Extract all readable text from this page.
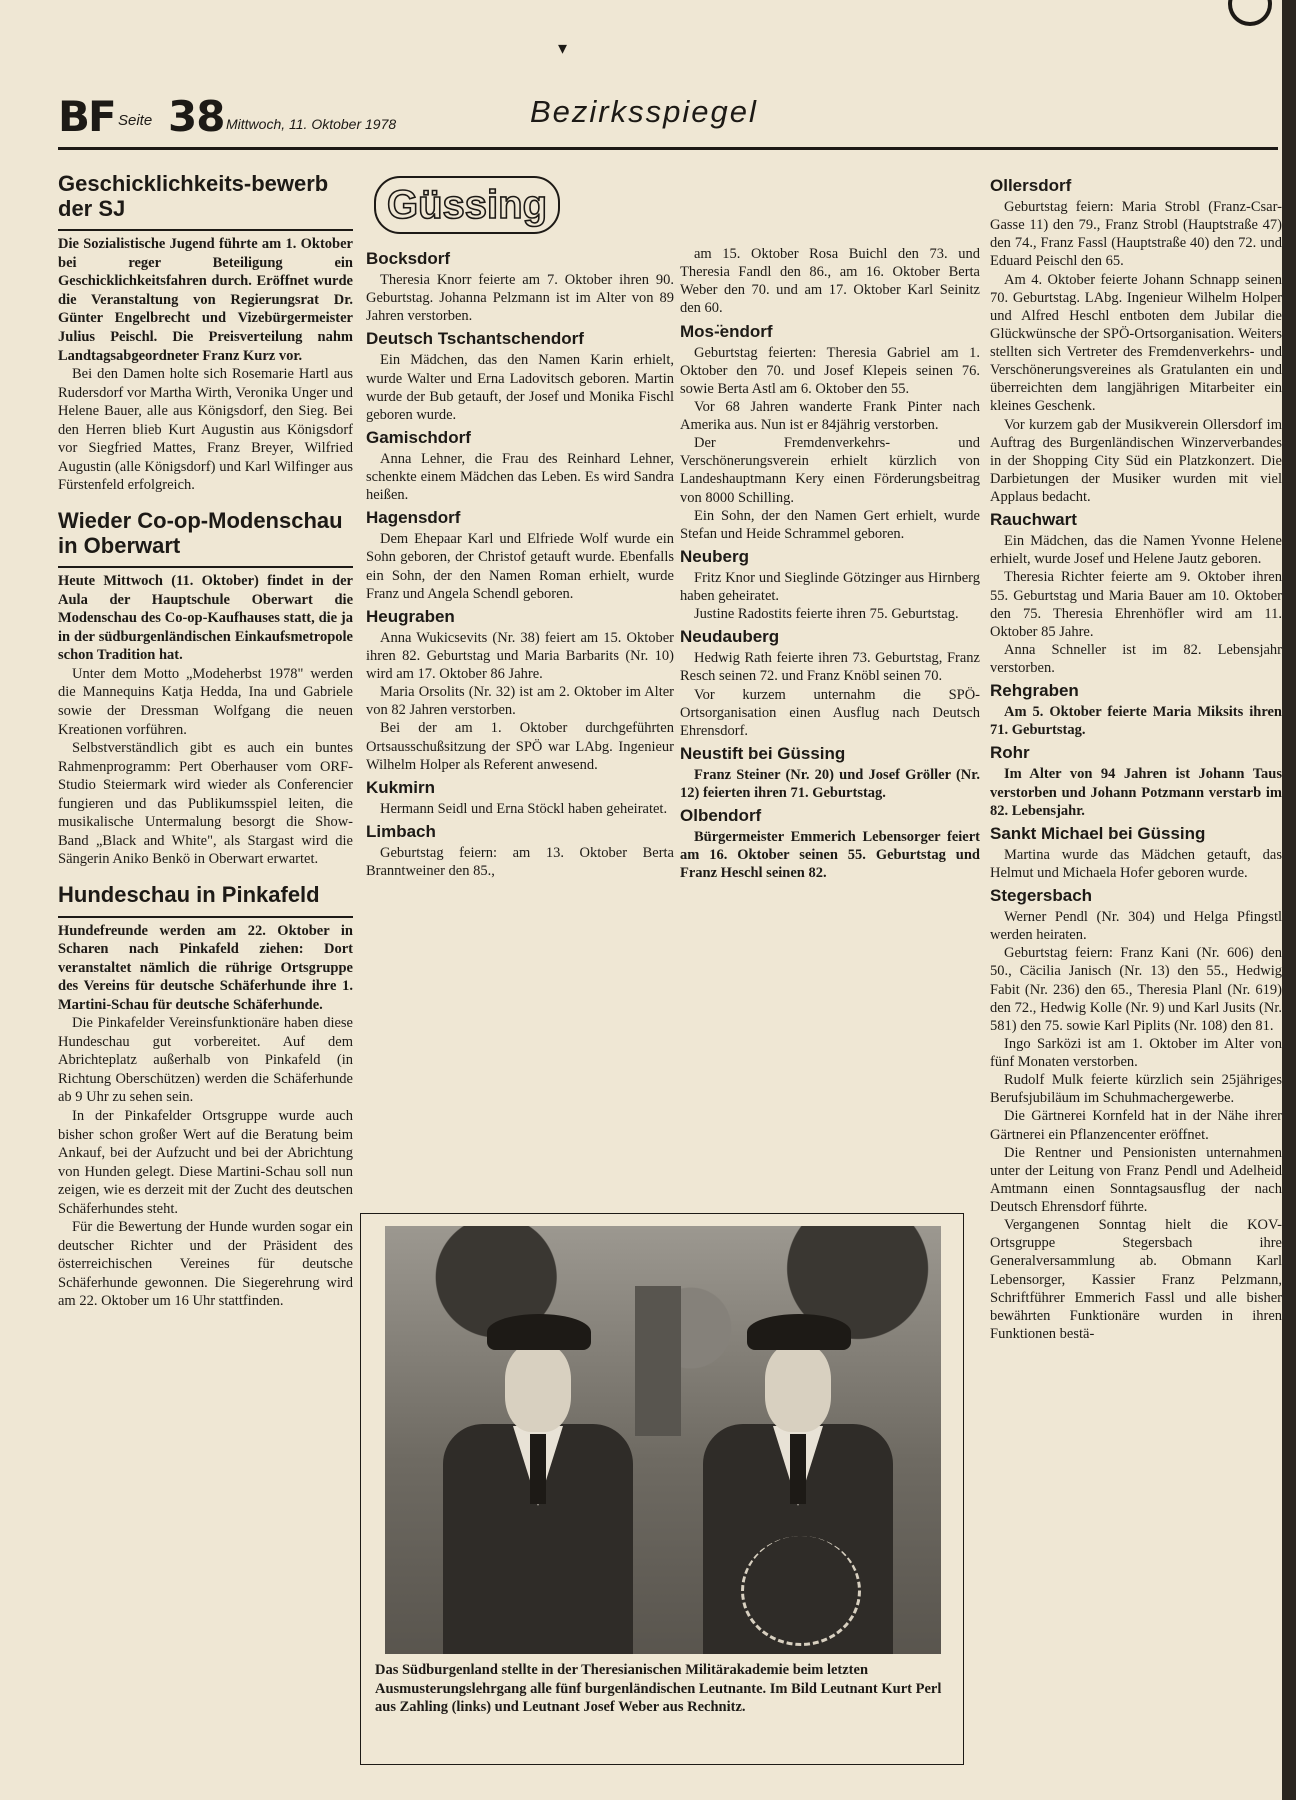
▾
BF Seite 38 Mittwoch, 11. Oktober 1978	Bezirksspiegel
Geschicklichkeits-bewerb der SJ

Die Sozialistische Jugend führte am 1. Oktober bei reger Beteiligung ein Geschicklichkeitsfahren durch. Eröffnet wurde die Veranstaltung von Regierungsrat Dr. Günter Engelbrecht und Vizebürgermeister Julius Peischl. Die Preisverteilung nahm Landtagsabgeordneter Franz Kurz vor.

Bei den Damen holte sich Rosemarie Hartl aus Rudersdorf vor Martha Wirth, Veronika Unger und Helene Bauer, alle aus Königsdorf, den Sieg. Bei den Herren blieb Kurt Augustin aus Königsdorf vor Siegfried Mattes, Franz Breyer, Wilfried Augustin (alle Königsdorf) und Karl Wilfinger aus Fürstenfeld erfolgreich.

Wieder Co-op-Modenschau in Oberwart

Heute Mittwoch (11. Oktober) findet in der Aula der Hauptschule Oberwart die Modenschau des Co-op-Kaufhauses statt, die ja in der südburgenländischen Einkaufsmetropole schon Tradition hat.

Unter dem Motto „Modeherbst 1978" werden die Mannequins Katja Hedda, Ina und Gabriele sowie der Dressman Wolfgang die neuen Kreationen vorführen.

Selbstverständlich gibt es auch ein buntes Rahmenprogramm: Pert Oberhauser vom ORF-Studio Steiermark wird wieder als Conferencier fungieren und das Publikumsspiel leiten, die musikalische Untermalung besorgt die Show-Band „Black and White", als Stargast wird die Sängerin Aniko Benkö in Oberwart erwartet.

Hundeschau in Pinkafeld

Hundefreunde werden am 22. Oktober in Scharen nach Pinkafeld ziehen: Dort veranstaltet nämlich die rührige Ortsgruppe des Vereins für deutsche Schäferhunde ihre 1. Martini-Schau für deutsche Schäferhunde.

Die Pinkafelder Vereinsfunktionäre haben diese Hundeschau gut vorbereitet. Auf dem Abrichteplatz außerhalb von Pinkafeld (in Richtung Oberschützen) werden die Schäferhunde ab 9 Uhr zu sehen sein.

In der Pinkafelder Ortsgruppe wurde auch bisher schon großer Wert auf die Beratung beim Ankauf, bei der Aufzucht und bei der Abrichtung von Hunden gelegt. Diese Martini-Schau soll nun zeigen, wie es derzeit mit der Zucht des deutschen Schäferhundes steht.

Für die Bewertung der Hunde wurden sogar ein deutscher Richter und der Präsident des österreichischen Vereines für deutsche Schäferhunde gewonnen. Die Siegerehrung wird am 22. Oktober um 16 Uhr stattfinden.

Güssing
Bocksdorf

Theresia Knorr feierte am 7. Oktober ihren 90. Geburtstag. Johanna Pelzmann ist im Alter von 89 Jahren verstorben.

Deutsch Tschantschendorf

Ein Mädchen, das den Namen Karin erhielt, wurde Walter und Erna Ladovitsch geboren. Martin wurde der Bub getauft, der Josef und Monika Fischl geboren wurde.

Gamischdorf

Anna Lehner, die Frau des Reinhard Lehner, schenkte einem Mädchen das Leben. Es wird Sandra heißen.

Hagensdorf

Dem Ehepaar Karl und Elfriede Wolf wurde ein Sohn geboren, der Christof getauft wurde. Ebenfalls ein Sohn, der den Namen Roman erhielt, wurde Franz und Angela Schendl geboren.

Heugraben

Anna Wukicsevits (Nr. 38) feiert am 15. Oktober ihren 82. Geburtstag und Maria Barbarits (Nr. 10) wird am 17. Oktober 86 Jahre.

Maria Orsolits (Nr. 32) ist am 2. Oktober im Alter von 82 Jahren verstorben.

Bei der am 1. Oktober durchgeführten Ortsausschußsitzung der SPÖ war LAbg. Ingenieur Wilhelm Holper als Referent anwesend.

Kukmirn

Hermann Seidl und Erna Stöckl haben geheiratet.

Limbach

Geburtstag feiern: am 13. Oktober Berta Branntweiner den 85.,

am 15. Oktober Rosa Buichl den 73. und Theresia Fandl den 86., am 16. Oktober Berta Weber den 70. und am 17. Oktober Karl Seinitz den 60.

Mos-̈endorf

Geburtstag feierten: Theresia Gabriel am 1. Oktober den 70. und Josef Klepeis seinen 76. sowie Berta Astl am 6. Oktober den 55.

Vor 68 Jahren wanderte Frank Pinter nach Amerika aus. Nun ist er 84jährig verstorben.

Der Fremdenverkehrs- und Verschönerungsverein erhielt kürzlich von Landeshauptmann Kery einen Förderungsbeitrag von 8000 Schilling.

Ein Sohn, der den Namen Gert erhielt, wurde Stefan und Heide Schrammel geboren.

Neuberg

Fritz Knor und Sieglinde Götzinger aus Hirnberg haben geheiratet.

Justine Radostits feierte ihren 75. Geburtstag.

Neudauberg

Hedwig Rath feierte ihren 73. Geburtstag, Franz Resch seinen 72. und Franz Knöbl seinen 70.

Vor kurzem unternahm die SPÖ-Ortsorganisation einen Ausflug nach Deutsch Ehrensdorf.

Neustift bei Güssing

Franz Steiner (Nr. 20) und Josef Gröller (Nr. 12) feierten ihren 71. Geburtstag.

Olbendorf

Bürgermeister Emmerich Lebensorger feiert am 16. Oktober seinen 55. Geburtstag und Franz Heschl seinen 82.

Ollersdorf

Geburtstag feiern: Maria Strobl (Franz-Csar-Gasse 11) den 79., Franz Strobl (Hauptstraße 47) den 74., Franz Fassl (Hauptstraße 40) den 72. und Eduard Peischl den 65.

Am 4. Oktober feierte Johann Schnapp seinen 70. Geburtstag. LAbg. Ingenieur Wilhelm Holper und Alfred Heschl entboten dem Jubilar die Glückwünsche der SPÖ-Ortsorganisation. Weiters stellten sich Vertreter des Fremdenverkehrs- und Verschönerungsvereines als Gratulanten ein und überreichten dem langjährigen Mitarbeiter ein kleines Geschenk.

Vor kurzem gab der Musikverein Ollersdorf im Auftrag des Burgenländischen Winzerverbandes in der Shopping City Süd ein Platzkonzert. Die Darbietungen der Musiker wurden mit viel Applaus bedacht.

Rauchwart

Ein Mädchen, das die Namen Yvonne Helene erhielt, wurde Josef und Helene Jautz geboren.

Theresia Richter feierte am 9. Oktober ihren 55. Geburtstag und Maria Bauer am 10. Oktober den 75. Theresia Ehrenhöfler wird am 11. Oktober 85 Jahre.

Anna Schneller ist im 82. Lebensjahr verstorben.

Rehgraben

Am 5. Oktober feierte Maria Miksits ihren 71. Geburtstag.

Rohr

Im Alter von 94 Jahren ist Johann Taus verstorben und Johann Potzmann verstarb im 82. Lebensjahr.

Sankt Michael bei Güssing

Martina wurde das Mädchen getauft, das Helmut und Michaela Hofer geboren wurde.

Stegersbach

Werner Pendl (Nr. 304) und Helga Pfingstl werden heiraten.

Geburtstag feiern: Franz Kani (Nr. 606) den 50., Cäcilia Janisch (Nr. 13) den 55., Hedwig Fabit (Nr. 236) den 65., Theresia Planl (Nr. 619) den 72., Hedwig Kolle (Nr. 9) und Karl Jusits (Nr. 581) den 75. sowie Karl Piplits (Nr. 108) den 81.

Ingo Sarközi ist am 1. Oktober im Alter von fünf Monaten verstorben.

Rudolf Mulk feierte kürzlich sein 25jähriges Berufsjubiläum im Schuhmachergewerbe.

Die Gärtnerei Kornfeld hat in der Nähe ihrer Gärtnerei ein Pflanzencenter eröffnet.

Die Rentner und Pensionisten unternahmen unter der Leitung von Franz Pendl und Adelheid Amtmann einen Sonntagsausflug der nach Deutsch Ehrensdorf führte.

Vergangenen Sonntag hielt die KOV-Ortsgruppe Stegersbach ihre Generalversammlung ab. Obmann Karl Lebensorger, Kassier Franz Pelzmann, Schriftführer Emmerich Fassl und alle bisher bewährten Funktionäre wurden in ihren Funktionen bestä-

Das Südburgenland stellte in der Theresianischen Militärakademie beim letzten Ausmusterungslehrgang alle fünf burgenländischen Leutnante. Im Bild Leutnant Kurt Perl aus Zahling (links) und Leutnant Josef Weber aus Rechnitz.
